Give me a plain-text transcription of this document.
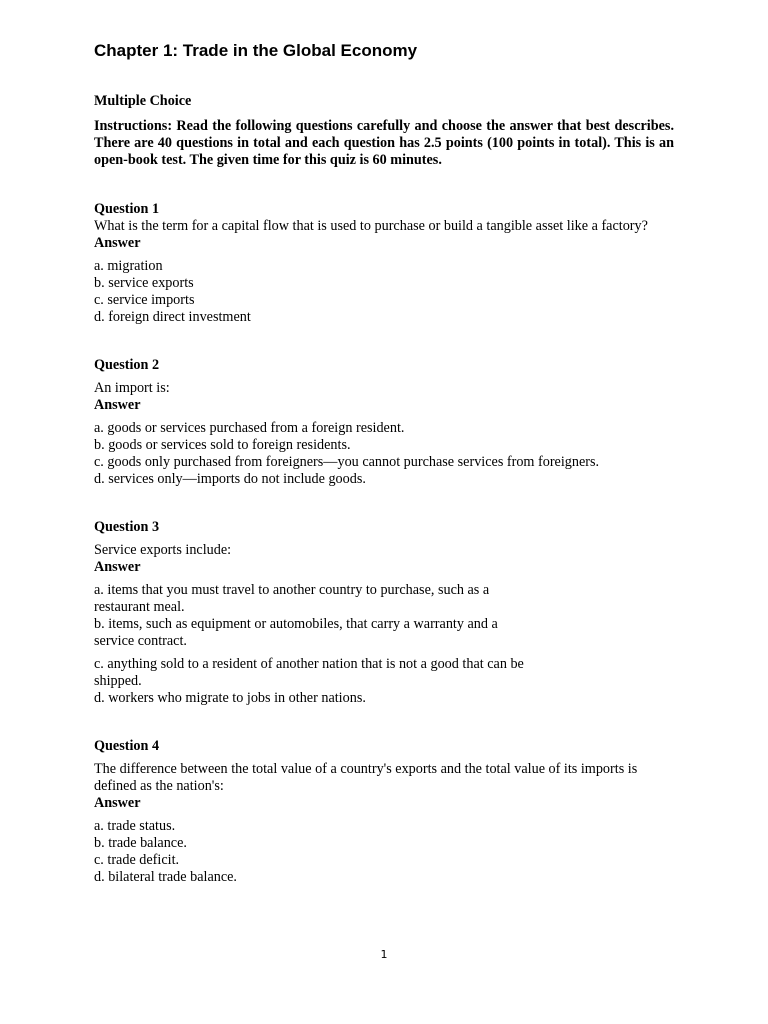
Chapter 1: Trade in the Global Economy
Multiple Choice
Instructions: Read the following questions carefully and choose the answer that best describes. There are 40 questions in total and each question has 2.5 points (100 points in total). This is an open-book test. The given time for this quiz is 60 minutes.
Question 1
What is the term for a capital flow that is used to purchase or build a tangible asset like a factory?
Answer
a. migration
b. service exports
c. service imports
d. foreign direct investment
Question 2
An import is:
Answer
a. goods or services purchased from a foreign resident.
b. goods or services sold to foreign residents.
c. goods only purchased from foreigners—you cannot purchase services from foreigners.
d. services only—imports do not include goods.
Question 3
Service exports include:
Answer
a. items that you must travel to another country to purchase, such as a restaurant meal.
b. items, such as equipment or automobiles, that carry a warranty and a service contract.
c. anything sold to a resident of another nation that is not a good that can be shipped.
d. workers who migrate to jobs in other nations.
Question 4
The difference between the total value of a country's exports and the total value of its imports is defined as the nation's:
Answer
a. trade status.
b. trade balance.
c. trade deficit.
d. bilateral trade balance.
1
